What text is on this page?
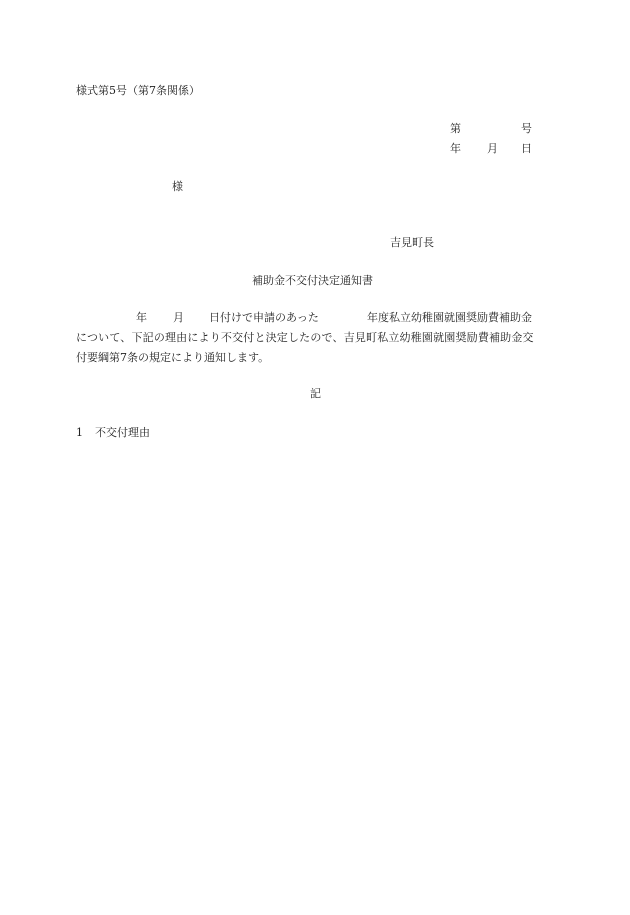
様式第5号（第7条関係）
第	号
年 月 日
様
吉見町長
補助金不交付決定通知書
年 月 日付けで申請のあった	年度私立幼稚園就園奨励費補助金
について、下記の理由により不交付と決定したので、吉見町私立幼稚園就園奨励費補助金交
付要綱第7条の規定により通知します。
記
1 不交付理由
